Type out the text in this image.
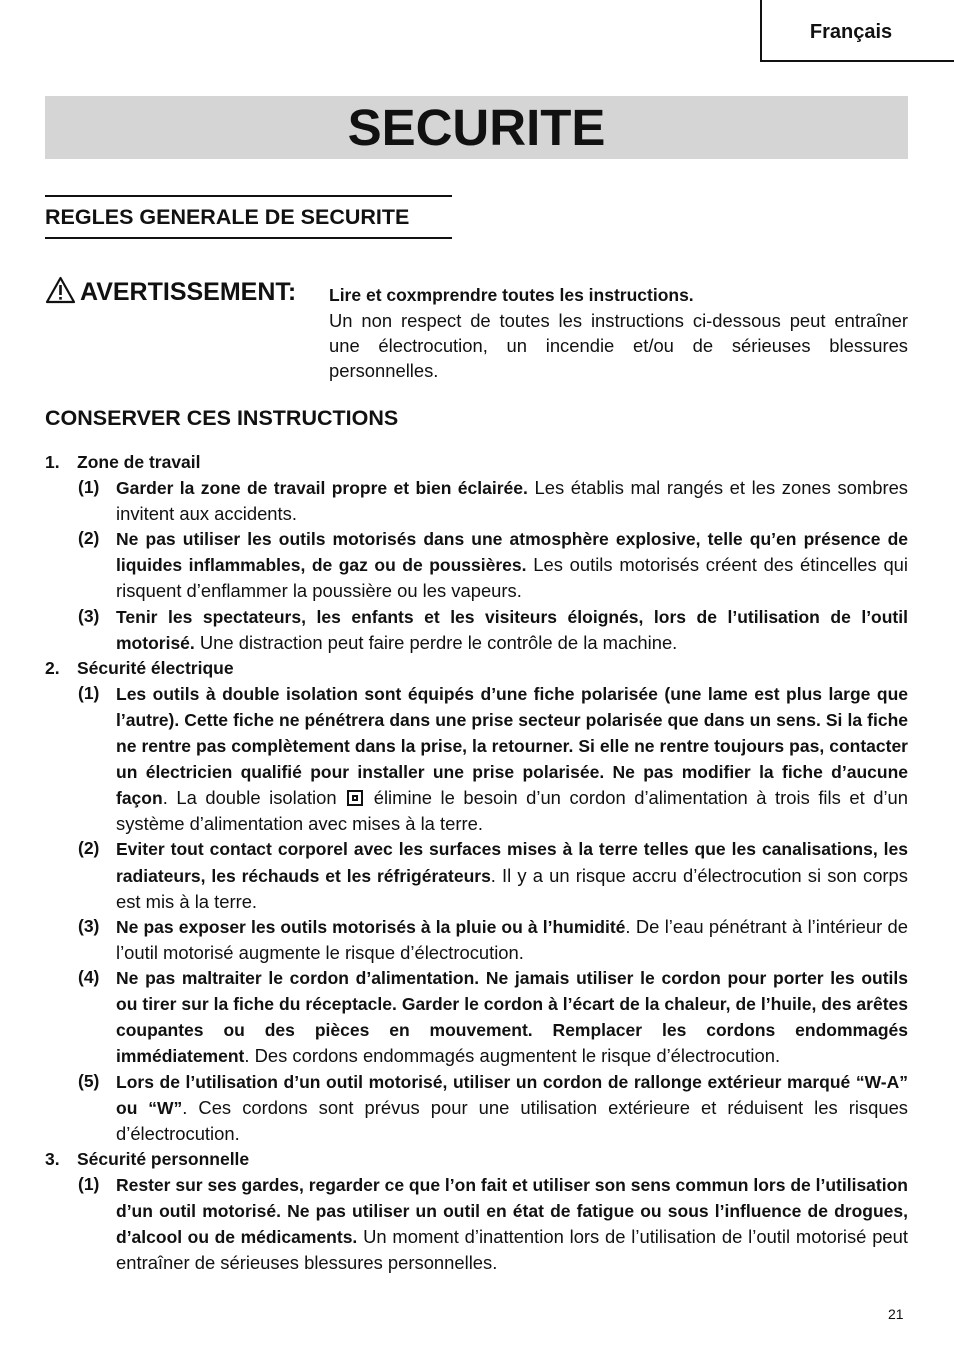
Français
SECURITE
REGLES GENERALE DE SECURITE
AVERTISSEMENT: Lire et coxmprendre toutes les instructions.
Un non respect de toutes les instructions ci-dessous peut entraîner une électrocution, un incendie et/ou de sérieuses blessures personnelles.
CONSERVER CES INSTRUCTIONS
1. Zone de travail
(1) Garder la zone de travail propre et bien éclairée. Les établis mal rangés et les zones sombres invitent aux accidents.
(2) Ne pas utiliser les outils motorisés dans une atmosphère explosive, telle qu’en présence de liquides inflammables, de gaz ou de poussières. Les outils motorisés créent des étincelles qui risquent d’enflammer la poussière ou les vapeurs.
(3) Tenir les spectateurs, les enfants et les visiteurs éloignés, lors de l’utilisation de l’outil motorisé. Une distraction peut faire perdre le contrôle de la machine.
2. Sécurité électrique
(1) Les outils à double isolation sont équipés d’une fiche polarisée (une lame est plus large que l’autre). Cette fiche ne pénétrera dans une prise secteur polarisée que dans un sens. Si la fiche ne rentre pas complètement dans la prise, la retourner. Si elle ne rentre toujours pas, contacter un électricien qualifié pour installer une prise polarisée. Ne pas modifier la fiche d’aucune façon. La double isolation  élimine le besoin d’un cordon d’alimentation à trois fils et d’un système d’alimentation avec mises à la terre.
(2) Eviter tout contact corporel avec les surfaces mises à la terre telles que les canalisations, les radiateurs, les réchauds et les réfrigérateurs. Il y a un risque accru d’électrocution si son corps est mis à la terre.
(3) Ne pas exposer les outils motorisés à la pluie ou à l’humidité. De l’eau pénétrant à l’intérieur de l’outil motorisé augmente le risque d’électrocution.
(4) Ne pas maltraiter le cordon d’alimentation. Ne jamais utiliser le cordon pour porter les outils ou tirer sur la fiche du réceptacle. Garder le cordon à l’écart de la chaleur, de l’huile, des arêtes coupantes ou des pièces en mouvement. Remplacer les cordons endommagés immédiatement. Des cordons endommagés augmentent le risque d’électrocution.
(5) Lors de l’utilisation d’un outil motorisé, utiliser un cordon de rallonge extérieur marqué “W-A” ou “W”. Ces cordons sont prévus pour une utilisation extérieure et réduisent les risques d’électrocution.
3. Sécurité personnelle
(1) Rester sur ses gardes, regarder ce que l’on fait et utiliser son sens commun lors de l’utilisation d’un outil motorisé. Ne pas utiliser un outil en état de fatigue ou sous l’influence de drogues, d’alcool ou de médicaments. Un moment d’inattention lors de l’utilisation de l’outil motorisé peut entraîner de sérieuses blessures personnelles.
21
